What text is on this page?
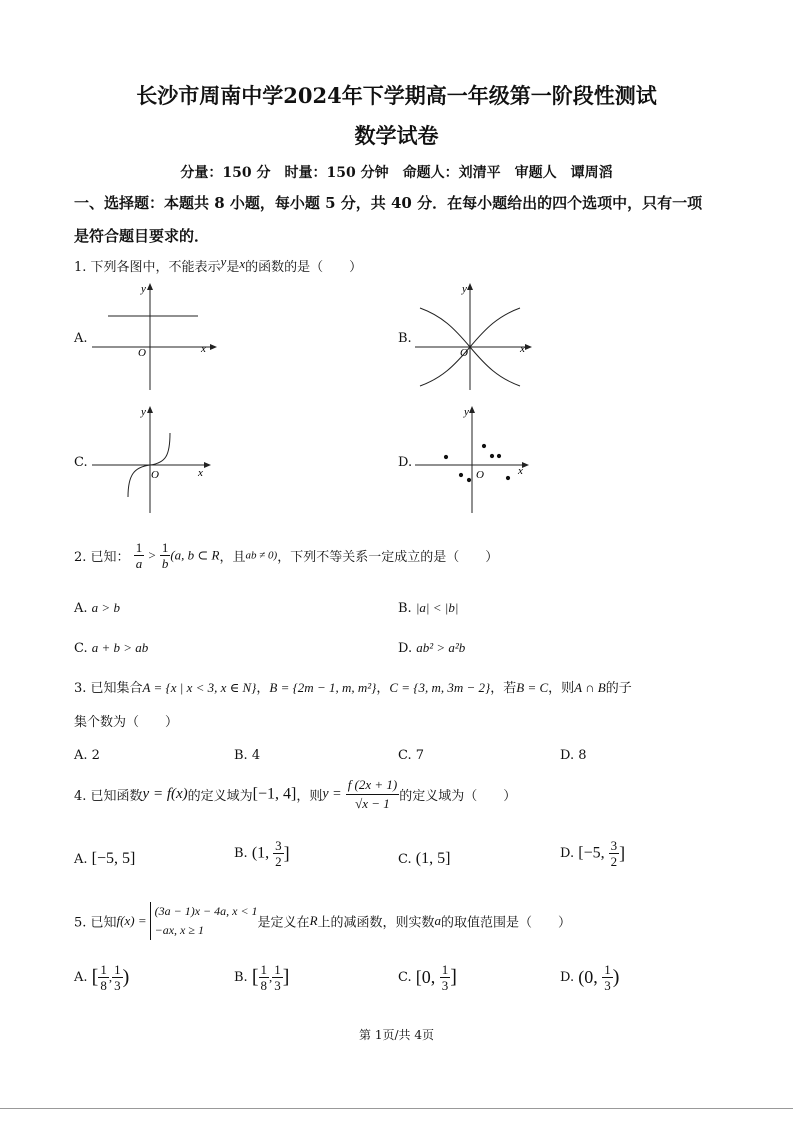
长沙市周南中学2024年下学期高一年级第一阶段性测试
数学试卷
分量：150 分　时量：150 分钟　命题人：刘清平　审题人　谭周滔
一、选择题：本题共 8 小题，每小题 5 分，共 40 分．在每小题给出的四个选项中，只有一项
是符合题目要求的．
1. 下列各图中，不能表示y是x的函数的是（　　）
A.
x
y
O
B.
x
y
O
C.
x
y
O
D.
x
y
O
2. 已知： $\frac{1}{a} > \frac{1}{b} (a$, b ⊂ R，且ab ≠ 0)，下列不等关系一定成立的是（　　）
A. a > b	B. |a| < |b|
C. a + b > ab	D. ab² > a²b
3. 已知集合A = {x | x < 3, x ∈ N}，B = {2m − 1, m, m²}，C = {3, m, 3m − 2}，若B = C，则A ∩ B的子
集个数为（　　）
A. 2	B. 4	C. 7	D. 8
4. 已知函数y = f(x)的定义域为[−1, 4]，则$y = \frac{f (2x + 1)}{√x - 1}$ 的定义域为（　　）
A. [−5, 5]	B. (1, $\frac{3}{2}$ ]	C. (1, 5]	D. [−5, $\frac{3}{2}$ ]
5. 已知f(x) =
(3a − 1)x − 4a, x < 1
−ax, x ≥ 1	是定义在R上的减函数，则实数a的取值范围是（　　）
A. [ $\frac{1}{8}$ , $\frac{1}{3}$ )	B. [ $\frac{1}{8}$ , $\frac{1}{3}$ ]	C. [0, $\frac{1}{3}$ ]	D. (0, $\frac{1}{3}$ )
第 1页/共 4页
